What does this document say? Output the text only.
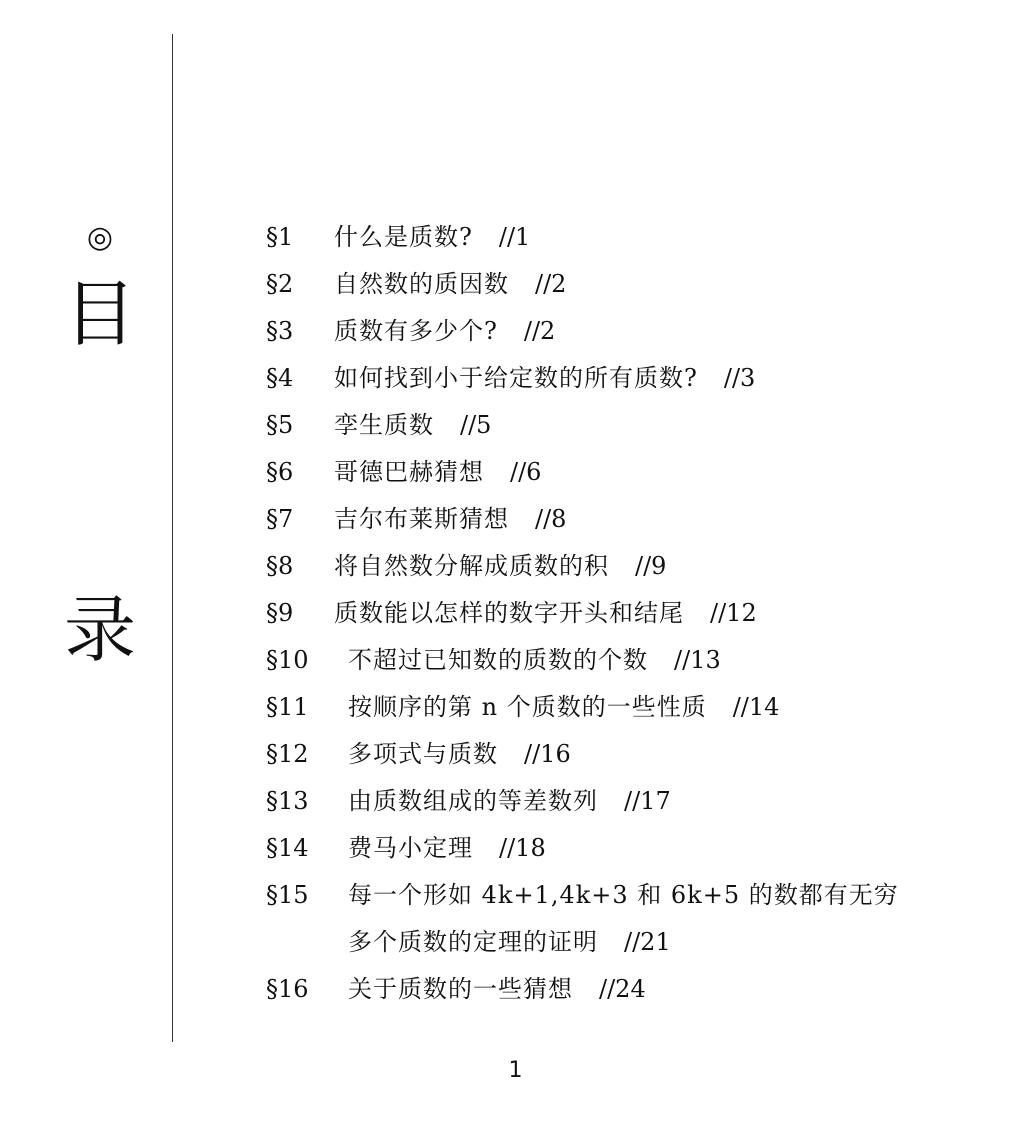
◎
目
录
§1	什么是质数? //1
§2	自然数的质因数 //2
§3	质数有多少个? //2
§4	如何找到小于给定数的所有质数? //3
§5	孪生质数 //5
§6	哥德巴赫猜想 //6
§7	吉尔布莱斯猜想 //8
§8	将自然数分解成质数的积 //9
§9	质数能以怎样的数字开头和结尾 //12
§10	不超过已知数的质数的个数 //13
§11	按顺序的第 n 个质数的一些性质 //14
§12	多项式与质数 //16
§13	由质数组成的等差数列 //17
§14	费马小定理 //18
§15	每一个形如 4k+1,4k+3 和 6k+5 的数都有无穷
多个质数的定理的证明 //21
§16	关于质数的一些猜想 //24
1
